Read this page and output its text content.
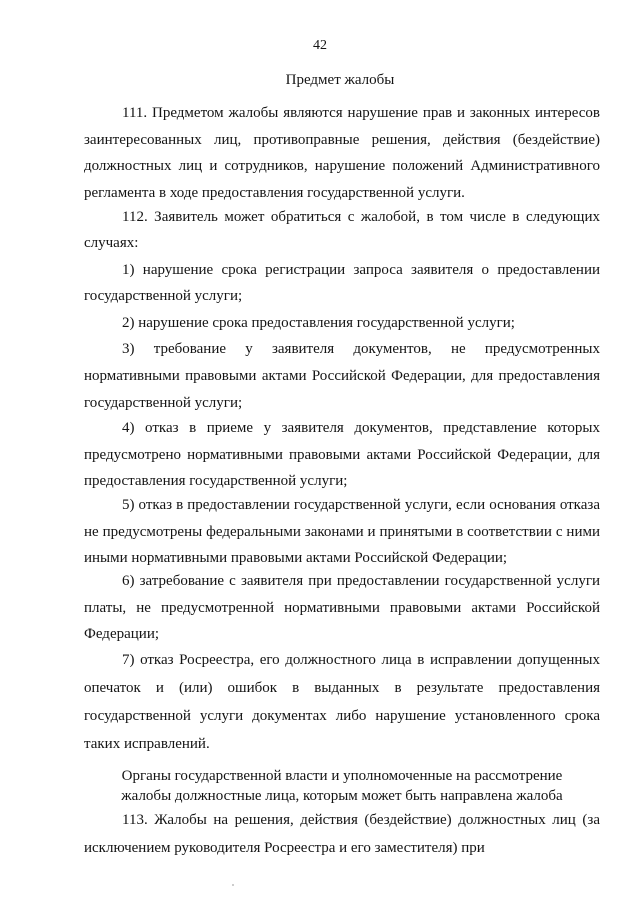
42
Предмет жалобы

111. Предметом жалобы являются нарушение прав и законных интересов заинтересованных лиц, противоправные решения, действия (бездействие) должностных лиц и сотрудников, нарушение положений Административного регламента в ходе предоставления государственной услуги.

112. Заявитель может обратиться с жалобой, в том числе в следующих случаях:

1) нарушение срока регистрации запроса заявителя о предоставлении государственной услуги;

2) нарушение срока предоставления государственной услуги;

3) требование у заявителя документов, не предусмотренных нормативными правовыми актами Российской Федерации, для предоставления государственной услуги;

4) отказ в приеме у заявителя документов, представление которых предусмотрено нормативными правовыми актами Российской Федерации, для предоставления государственной услуги;

5) отказ в предоставлении государственной услуги, если основания отказа не предусмотрены федеральными законами и принятыми в соответствии с ними иными нормативными правовыми актами Российской Федерации;

6) затребование с заявителя при предоставлении государственной услуги платы, не предусмотренной нормативными правовыми актами Российской Федерации;

7) отказ Росреестра, его должностного лица в исправлении допущенных опечаток и (или) ошибок в выданных в результате предоставления государственной услуги документах либо нарушение установленного срока таких исправлений.

Органы государственной власти и уполномоченные на рассмотрение
жалобы должностные лица, которым может быть направлена жалоба

113. Жалобы на решения, действия (бездействие) должностных лиц (за исключением руководителя Росреестра и его заместителя) при
